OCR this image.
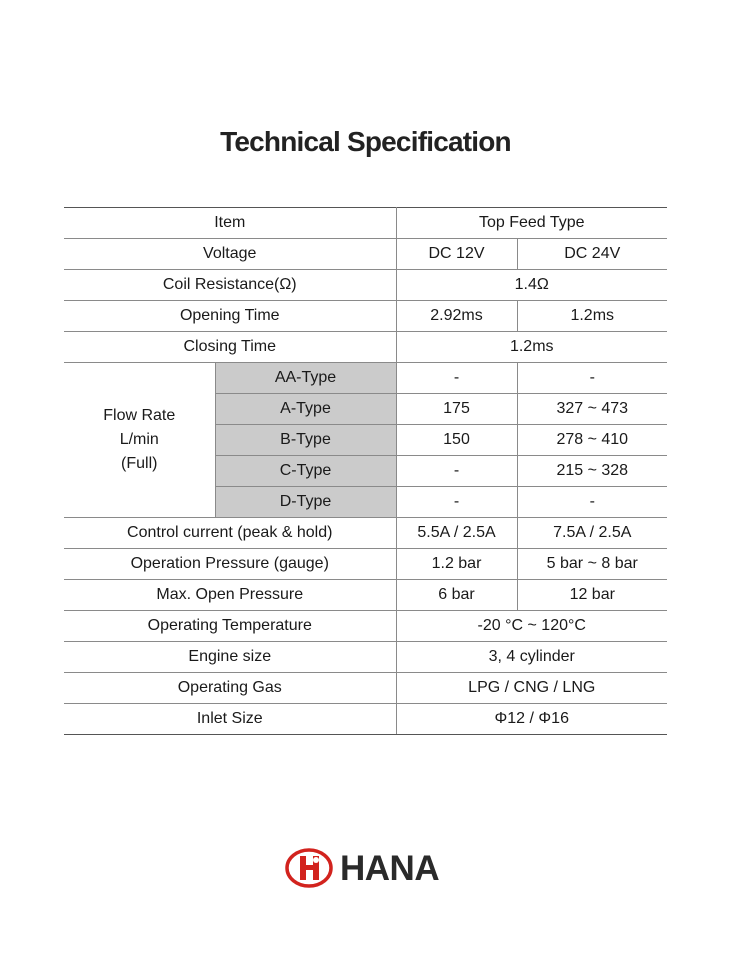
Technical Specification
Item		Top Feed Type	
Voltage		DC 12V	DC 24V
Coil Resistance(Ω)		1.4Ω	
Opening Time		2.92ms	1.2ms
Closing Time		1.2ms	

Flow Rate
L/min
(Full)	AA-Type	-	-
	A-Type	175	327 ~ 473
	B-Type	150	278 ~ 410
	C-Type	-	215 ~ 328
	D-Type	-	-
Control current (peak & hold)		5.5A / 2.5A	7.5A / 2.5A
Operation Pressure (gauge)		1.2 bar	5 bar ~ 8 bar
Max. Open Pressure		6 bar	12 bar
Operating Temperature		-20 °C ~ 120°C	
Engine size		3, 4 cylinder	
Operating Gas		LPG / CNG / LNG	
Inlet Size		Φ12 / Φ16	
HANA
